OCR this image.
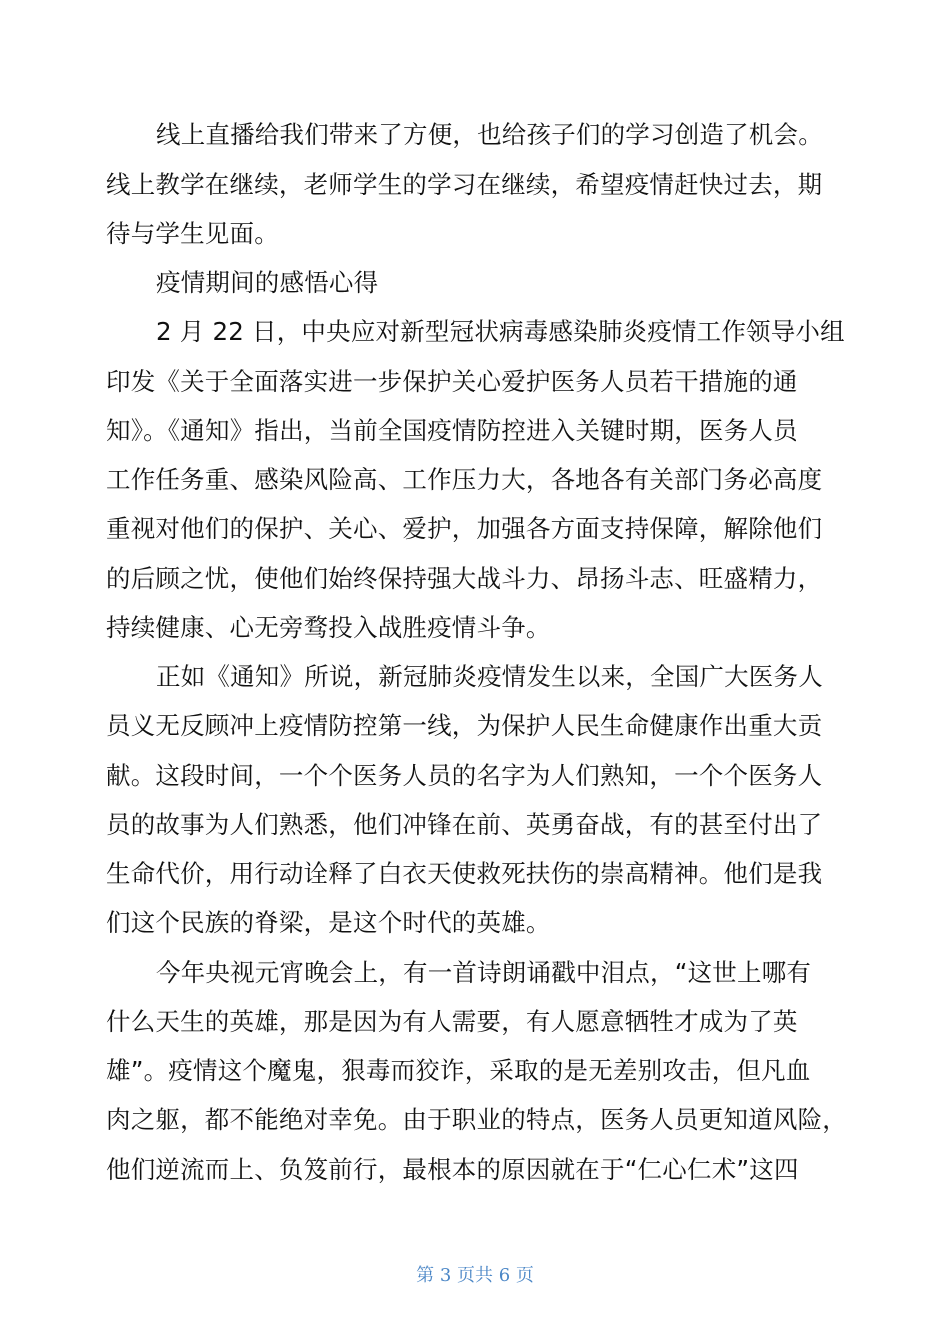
线上直播给我们带来了方便，也给孩子们的学习创造了机会。
线上教学在继续，老师学生的学习在继续，希望疫情赶快过去，期
待与学生见面。
疫情期间的感悟心得
2 月 22 日，中央应对新型冠状病毒感染肺炎疫情工作领导小组
印发《关于全面落实进一步保护关心爱护医务人员若干措施的通
知》。《通知》指出，当前全国疫情防控进入关键时期，医务人员
工作任务重、感染风险高、工作压力大，各地各有关部门务必高度
重视对他们的保护、关心、爱护，加强各方面支持保障，解除他们
的后顾之忧，使他们始终保持强大战斗力、昂扬斗志、旺盛精力，
持续健康、心无旁骛投入战胜疫情斗争。
正如《通知》所说，新冠肺炎疫情发生以来，全国广大医务人
员义无反顾冲上疫情防控第一线，为保护人民生命健康作出重大贡
献。这段时间，一个个医务人员的名字为人们熟知，一个个医务人
员的故事为人们熟悉，他们冲锋在前、英勇奋战，有的甚至付出了
生命代价，用行动诠释了白衣天使救死扶伤的崇高精神。他们是我
们这个民族的脊梁，是这个时代的英雄。
今年央视元宵晚会上，有一首诗朗诵戳中泪点，“这世上哪有
什么天生的英雄，那是因为有人需要，有人愿意牺牲才成为了英
雄”。疫情这个魔鬼，狠毒而狡诈，采取的是无差别攻击，但凡血
肉之躯，都不能绝对幸免。由于职业的特点，医务人员更知道风险，
他们逆流而上、负笈前行，最根本的原因就在于“仁心仁术”这四
第 3 页共 6 页
